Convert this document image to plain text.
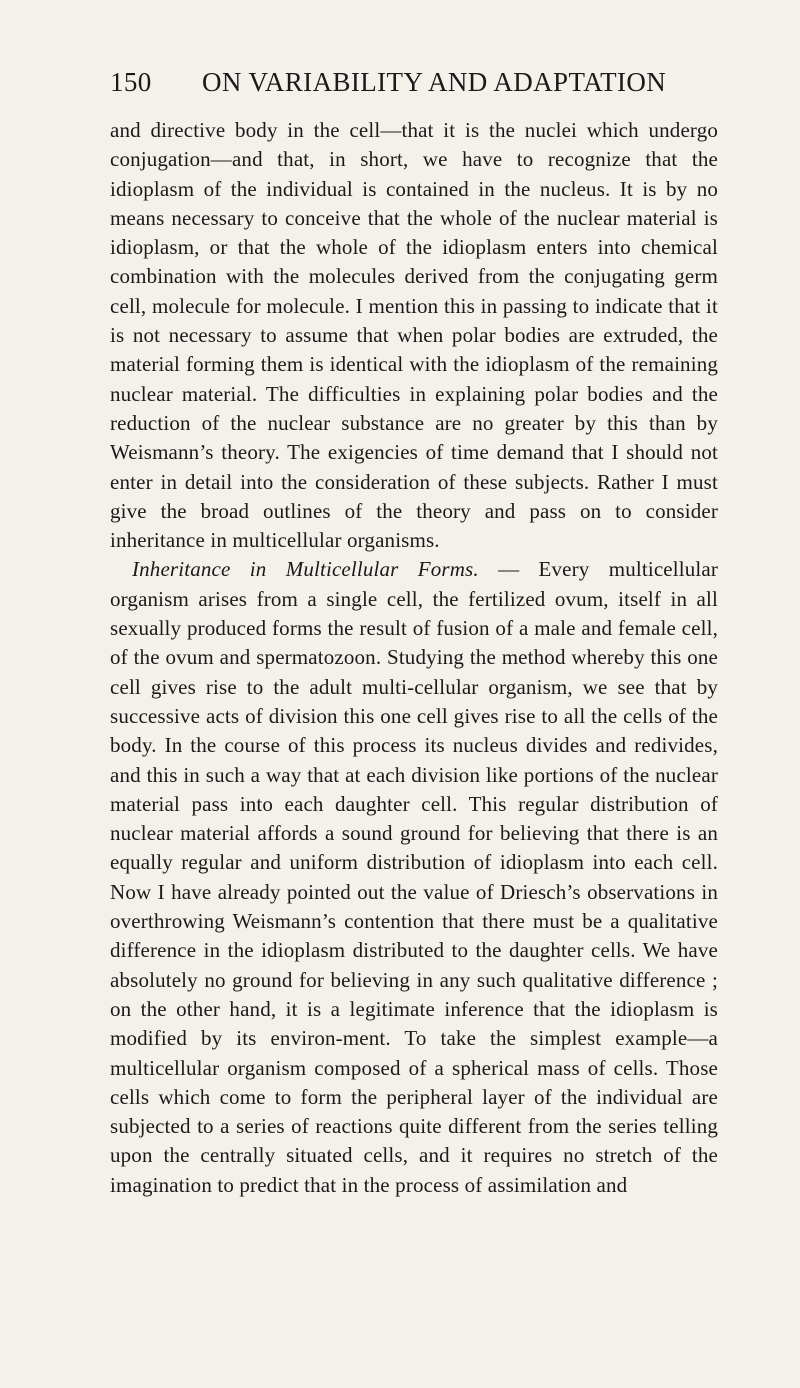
150 ON VARIABILITY AND ADAPTATION

and directive body in the cell—that it is the nuclei which undergo conjugation—and that, in short, we have to recognize that the idioplasm of the individual is contained in the nucleus. It is by no means necessary to conceive that the whole of the nuclear material is idioplasm, or that the whole of the idioplasm enters into chemical combination with the molecules derived from the conjugating germ cell, molecule for molecule. I mention this in passing to indicate that it is not necessary to assume that when polar bodies are extruded, the material forming them is identical with the idioplasm of the remaining nuclear material. The difficulties in explaining polar bodies and the reduction of the nuclear substance are no greater by this than by Weismann’s theory. The exigencies of time demand that I should not enter in detail into the consideration of these subjects. Rather I must give the broad outlines of the theory and pass on to consider inheritance in multicellular organisms.

Inheritance in Multicellular Forms. — Every multicellular organism arises from a single cell, the fertilized ovum, itself in all sexually produced forms the result of fusion of a male and female cell, of the ovum and spermatozoon. Studying the method whereby this one cell gives rise to the adult multi-cellular organism, we see that by successive acts of division this one cell gives rise to all the cells of the body. In the course of this process its nucleus divides and redivides, and this in such a way that at each division like portions of the nuclear material pass into each daughter cell. This regular distribution of nuclear material affords a sound ground for believing that there is an equally regular and uniform distribution of idioplasm into each cell. Now I have already pointed out the value of Driesch’s observations in overthrowing Weismann’s contention that there must be a qualitative difference in the idioplasm distributed to the daughter cells. We have absolutely no ground for believing in any such qualitative difference ; on the other hand, it is a legitimate inference that the idioplasm is modified by its environ-ment. To take the simplest example—a multicellular organism composed of a spherical mass of cells. Those cells which come to form the peripheral layer of the individual are subjected to a series of reactions quite different from the series telling upon the centrally situated cells, and it requires no stretch of the imagination to predict that in the process of assimilation and
